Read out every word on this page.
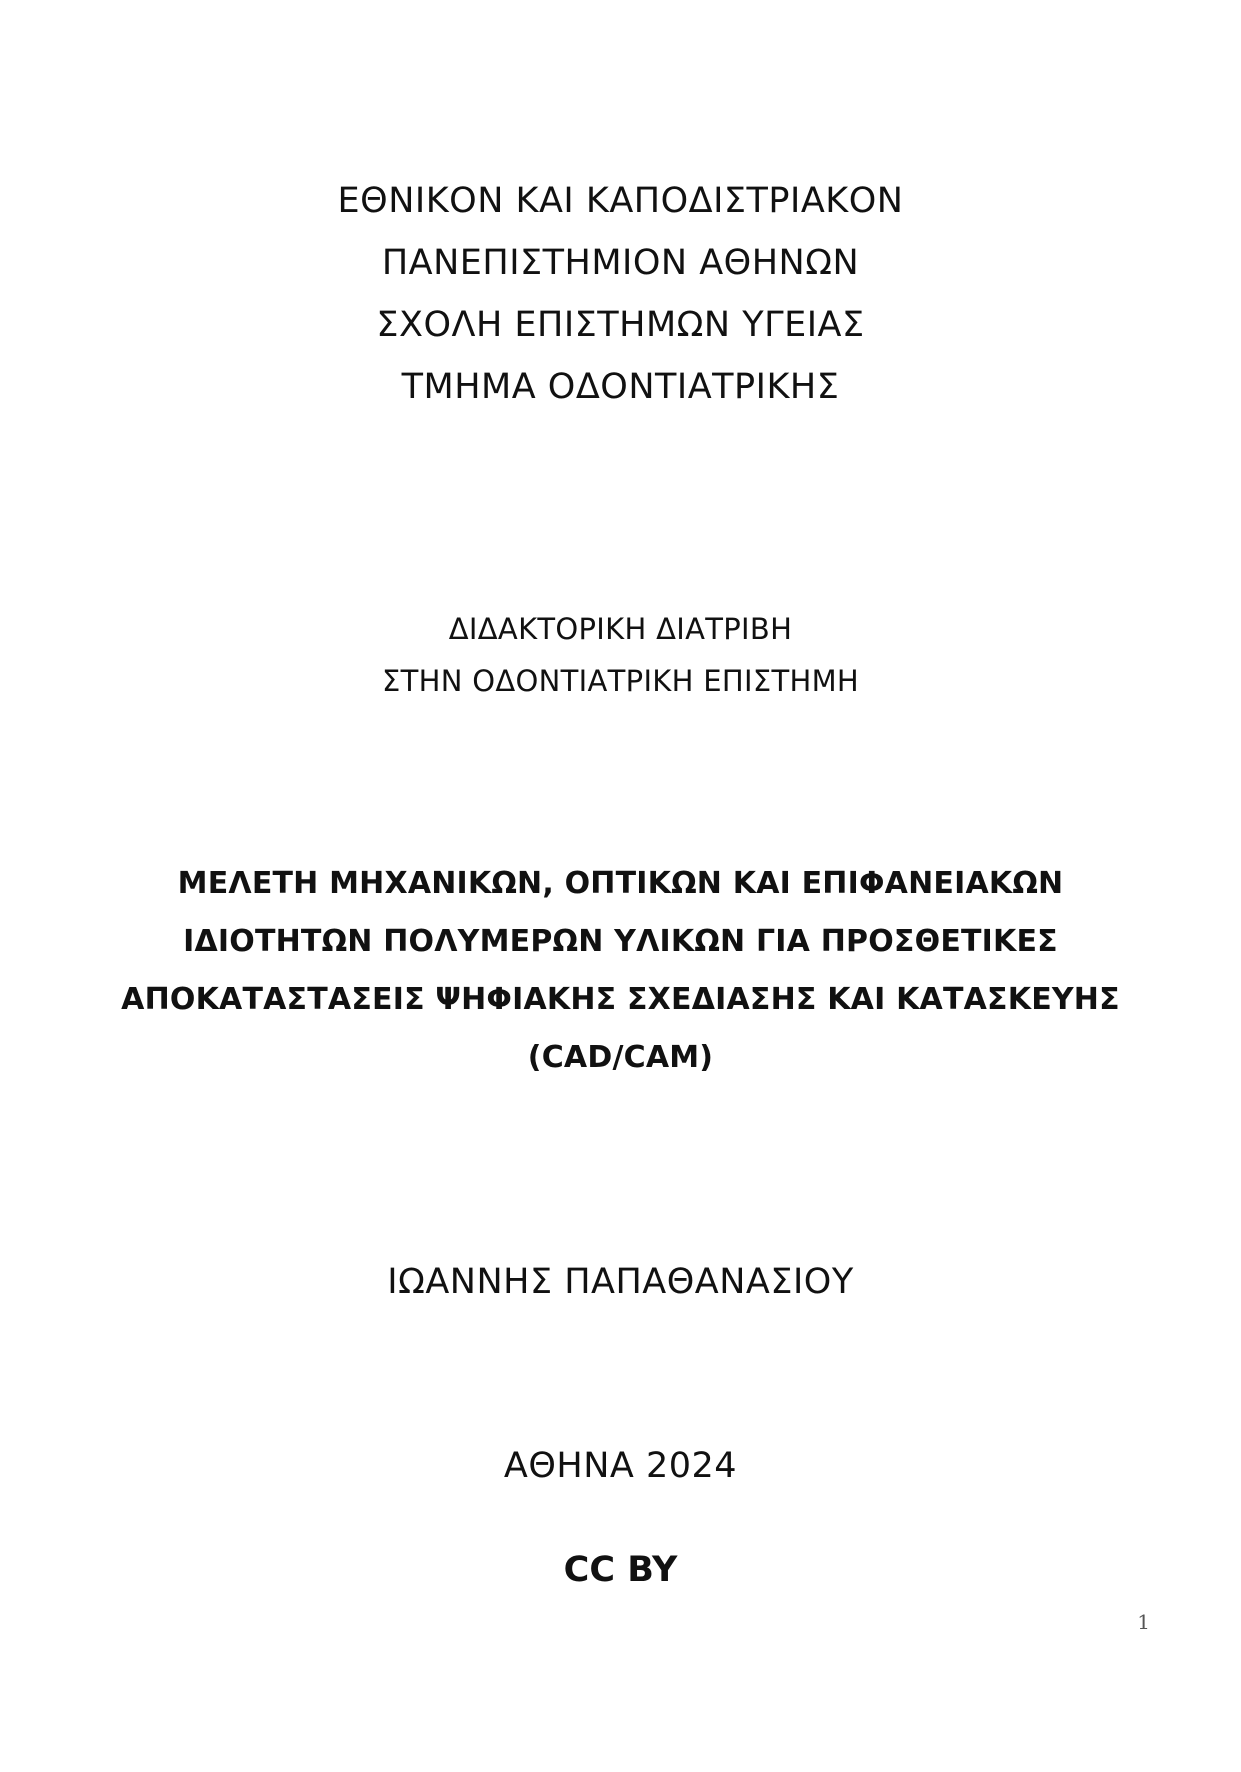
ΕΘΝΙΚΟΝ ΚΑΙ ΚΑΠΟΔΙΣΤΡΙΑΚΟΝ
ΠΑΝΕΠΙΣΤΗΜΙΟΝ ΑΘΗΝΩΝ
ΣΧΟΛΗ ΕΠΙΣΤΗΜΩΝ ΥΓΕΙΑΣ
ΤΜΗΜΑ ΟΔΟΝΤΙΑΤΡΙΚΗΣ
ΔΙΔΑΚΤΟΡΙΚΗ ΔΙΑΤΡΙΒΗ
ΣΤΗΝ ΟΔΟΝΤΙΑΤΡΙΚΗ ΕΠΙΣΤΗΜΗ
ΜΕΛΕΤΗ ΜΗΧΑΝΙΚΩΝ, ΟΠΤΙΚΩΝ ΚΑΙ ΕΠΙΦΑΝΕΙΑΚΩΝ
ΙΔΙΟΤΗΤΩΝ ΠΟΛΥΜΕΡΩΝ ΥΛΙΚΩΝ ΓΙΑ ΠΡΟΣΘΕΤΙΚΕΣ
ΑΠΟΚΑΤΑΣΤΑΣΕΙΣ ΨΗΦΙΑΚΗΣ ΣΧΕΔΙΑΣΗΣ ΚΑΙ ΚΑΤΑΣΚΕΥΗΣ
(CAD/CAM)
ΙΩΑΝΝΗΣ ΠΑΠΑΘΑΝΑΣΙΟΥ
ΑΘΗΝΑ 2024
CC BY
1
